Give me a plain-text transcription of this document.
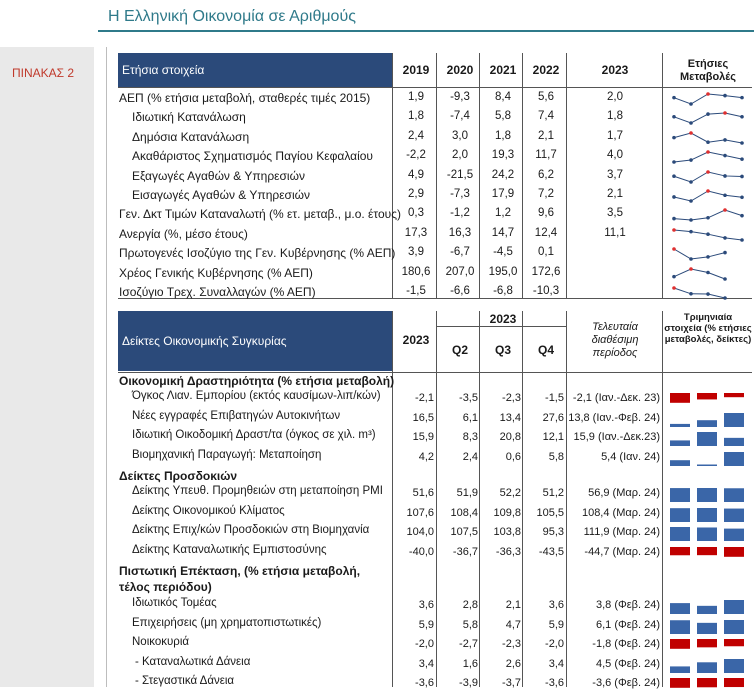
Η Ελληνική Οικονομία σε Αριθμούς
ΠΙΝΑΚΑΣ 2	Ετήσια στοιχεία	2019	2020	2021	2022	2023	Ετήσιες Μεταβολές
ΑΕΠ (% ετήσια μεταβολή, σταθερές τιμές 2015)	1,9	-9,3	8,4	5,6	2,0
Ιδιωτική Κατανάλωση	1,8	-7,4	5,8	7,4	1,8
Δημόσια Κατανάλωση	2,4	3,0	1,8	2,1	1,7
Ακαθάριστος Σχηματισμός Παγίου Κεφαλαίου	-2,2	2,0	19,3	11,7	4,0
Εξαγωγές Αγαθών & Υπηρεσιών	4,9	-21,5	24,2	6,2	3,7
Εισαγωγές Αγαθών & Υπηρεσιών	2,9	-7,3	17,9	7,2	2,1
Γεν. Δκτ Τιμών Καταναλωτή (% ετ. μεταβ., μ.ο. έτους) 0,3	-1,2	1,2	9,6	3,5
Ανεργία (%, μέσο έτους)	17,3	16,3	14,7	12,4	11,1
Πρωτογενές Ισοζύγιο της Γεν. Κυβέρνησης (% ΑΕΠ)	3,9	-6,7	-4,5	0,1
Χρέος Γενικής Κυβέρνησης (% ΑΕΠ)	180,6	207,0	195,0	172,6
Ισοζύγιο Τρεχ. Συναλλαγών (% ΑΕΠ)	-1,5	-6,6	-6,8	-10,3
Δείκτες Οικονομικής Συγκυρίας	2023
2023
Q2	Q3	Q4
Τελευταία διαθέσιμη περίοδος
Τριμηνιαία στοιχεία (% ετήσιες μεταβολές, δείκτες)
Οικονομική Δραστηριότητα (% ετήσια μεταβολή)
Όγκος Λιαν. Εμπορίου (εκτός καυσίμων-λιπ/κών)	-2,1	-3,5	-2,3	-1,5 -2,1 (Ιαν.-Δεκ. 23)
Νέες εγγραφές Επιβατηγών Αυτοκινήτων	16,5	6,1	13,4	27,6 13,8 (Ιαν.-Φεβ. 24)
Ιδιωτική Οικοδομική Δραστ/τα (όγκος σε χιλ. m³)	15,9	8,3	20,8	12,1 15,9 (Ιαν.-Δεκ.23)
Βιομηχανική Παραγωγή: Μεταποίηση	4,2	2,4	0,6	5,8	5,4 (Ιαν. 24)
Δείκτες Προσδοκιών
Δείκτης Υπευθ. Προμηθειών στη μεταποίηση PMI	51,6	51,9	52,2	51,2	56,9 (Μαρ. 24)
Δείκτης Οικονομικού Κλίματος	107,6	108,4	109,8	105,5	108,4 (Μαρ. 24)
Δείκτης Επιχ/κών Προσδοκιών στη Βιομηχανία	104,0	107,5	103,8	95,3	111,9 (Μαρ. 24)
Δείκτης Καταναλωτικής Εμπιστοσύνης	-40,0	-36,7	-36,3	-43,5	-44,7 (Μαρ. 24)
Πιστωτική Επέκταση, (% ετήσια μεταβολή, τέλος περιόδου)
Ιδιωτικός Τομέας	3,6	2,8	2,1	3,6	3,8 (Φεβ. 24)
Επιχειρήσεις (μη χρηματοπιστωτικές)	5,9	5,8	4,7	5,9	6,1 (Φεβ. 24)
Νοικοκυριά	-2,0	-2,7	-2,3	-2,0	-1,8 (Φεβ. 24)
- Καταναλωτικά Δάνεια	3,4	1,6	2,6	3,4	4,5 (Φεβ. 24)
- Στεγαστικά Δάνεια	-3,6	-3,9	-3,7	-3,6	-3,6 (Φεβ. 24)
